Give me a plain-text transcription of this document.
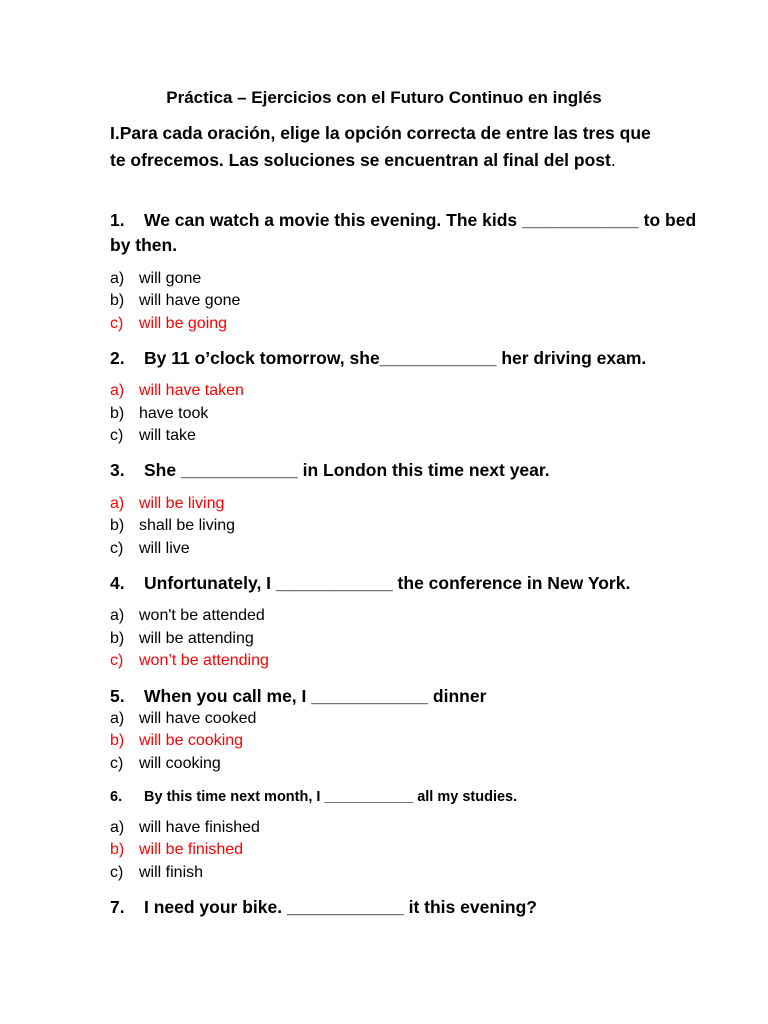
Práctica – Ejercicios con el Futuro Continuo en inglés
I.Para cada oración, elige la opción correcta de entre las tres que te ofrecemos. Las soluciones se encuentran al final del post.
1. We can watch a movie this evening. The kids ____________ to bed by then.
a) will gone
b) will have gone
c) will be going
2. By 11 o’clock tomorrow, she____________ her driving exam.
a) will have taken
b) have took
c) will take
3. She ____________ in London this time next year.
a) will be living
b) shall be living
c) will live
4. Unfortunately, I ____________ the conference in New York.
a) won't be attended
b) will be attending
c) won’t be attending
5. When you call me, I ____________ dinner
a) will have cooked
b) will be cooking
c) will cooking
6. By this time next month, I ___________ all my studies.
a) will have finished
b) will be finished
c) will finish
7. I need your bike. ____________ it this evening?
